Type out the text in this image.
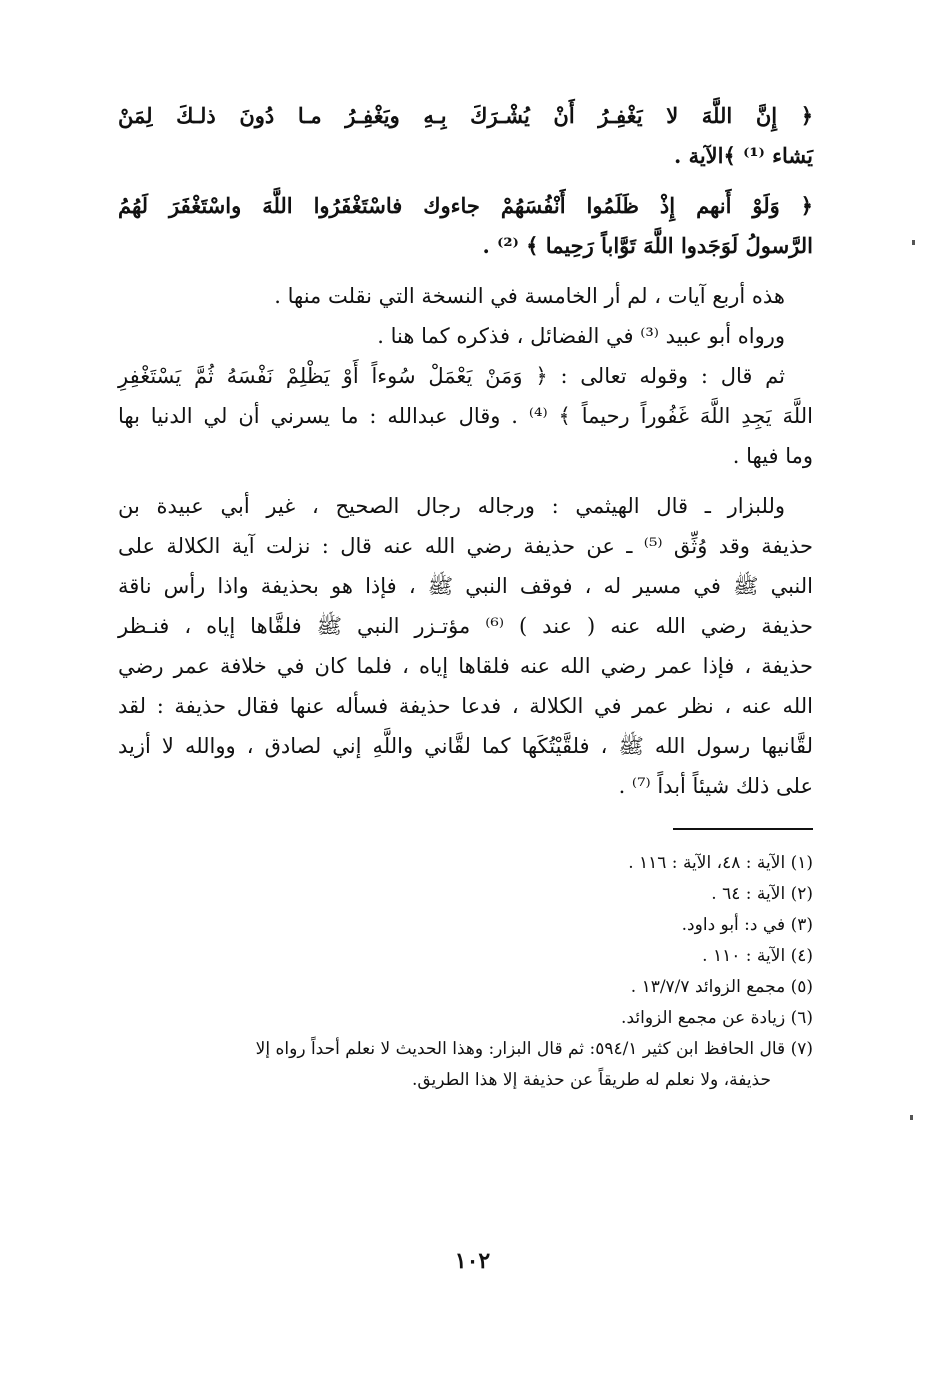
﴿ إِنَّ اللَّهَ لا يَغْفِـرُ أَنْ يُشْـرَكَ بِـهِ ويَغْفِـرُ مـا دُونَ ذلـكَ لِمَنْ
يَشاء ⁽¹⁾ ﴾الآية .
﴿ وَلَوْ أَنهم إِذْ ظَلَمُوا أَنْفُسَهُمْ جاءوك فاسْتَغْفَرُوا اللَّهَ واسْتَغْفَرَ لَهُمُ
الرَّسولُ لَوَجَدوا اللَّهَ تَوَّاباً رَحِيما ﴾ ⁽²⁾ .
هذه أربع آيات ، لم أر الخامسة في النسخة التي نقلت منها .
ورواه أبو عبيد ⁽³⁾ في الفضائل ، فذكره كما هنا .
ثم قال : وقوله تعالى : ﴿ وَمَنْ يَعْمَلْ سُوءاً أَوْ يَظْلِمْ نَفْسَهُ ثُمَّ يَسْتَغْفِرِ
اللَّهَ يَجِدِ اللَّهَ غَفُوراً رحيماً ﴾ ⁽⁴⁾ . وقال عبدالله : ما يسرني أن لي الدنيا بها
وما فيها .
وللبزار ـ قال الهيثمي : ورجاله رجال الصحيح ، غير أبي عبيدة بن
حذيفة وقد وُثِّق ⁽⁵⁾ ـ عن حذيفة رضي الله عنه قال : نزلت آية الكلالة على
النبي ﷺ في مسير له ، فوقف النبي ﷺ ، فإذا هو بحذيفة واذا رأس ناقة
حذيفة رضي الله عنه ( عند ) ⁽⁶⁾ مؤتـزر النبي ﷺ فلقَّاها إياه ، فنـظر
حذيفة ، فإذا عمر رضي الله عنه فلقاها إياه ، فلما كان في خلافة عمر رضي
الله عنه ، نظر عمر في الكلالة ، فدعا حذيفة فسأله عنها فقال حذيفة : لقد
لقَّانيها رسول الله ﷺ ، فلقَّيْتُكَها كما لقَّاني واللَّهِ إني لصادق ، ووالله لا أزيد
على ذلك شيئاً أبداً ⁽⁷⁾ .
(١) الآية : ٤٨، الآية : ١١٦ .
(٢) الآية : ٦٤ .
(٣) في د: أبو داود.
(٤) الآية : ١١٠ .
(٥) مجمع الزوائد ١٣/٧/٧ .
(٦) زيادة عن مجمع الزوائد.
(٧) قال الحافظ ابن كثير ٥٩٤/١: ثم قال البزار: وهذا الحديث لا نعلم أحداً رواه إلا
حذيفة، ولا نعلم له طريقاً عن حذيفة إلا هذا الطريق.
١٠٢
